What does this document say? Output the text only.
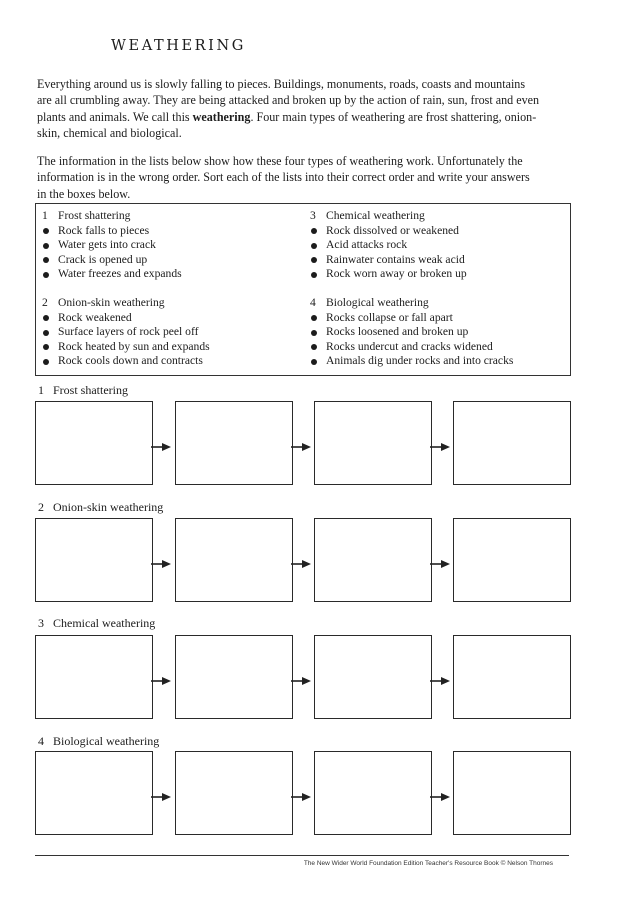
WEATHERING

Everything around us is slowly falling to pieces. Buildings, monuments, roads, coasts and mountains are all crumbling away. They are being attacked and broken up by the action of rain, sun, frost and even plants and animals. We call this weathering. Four main types of weathering are frost shattering, onion-skin, chemical and biological.

The information in the lists below show how these four types of weathering work. Unfortunately the information is in the wrong order. Sort each of the lists into their correct order and write your answers in the boxes below.

1 Frost shattering
Rock falls to pieces
Water gets into crack
Crack is opened up
Water freezes and expands
3 Chemical weathering
Rock dissolved or weakened
Acid attacks rock
Rainwater contains weak acid
Rock worn away or broken up
2 Onion-skin weathering
Rock weakened
Surface layers of rock peel off
Rock heated by sun and expands
Rock cools down and contracts
4 Biological weathering
Rocks collapse or fall apart
Rocks loosened and broken up
Rocks undercut and cracks widened
Animals dig under rocks and into cracks
1 Frost shattering
2 Onion-skin weathering
3 Chemical weathering
4 Biological weathering
The New Wider World Foundation Edition Teacher's Resource Book © Nelson Thornes
